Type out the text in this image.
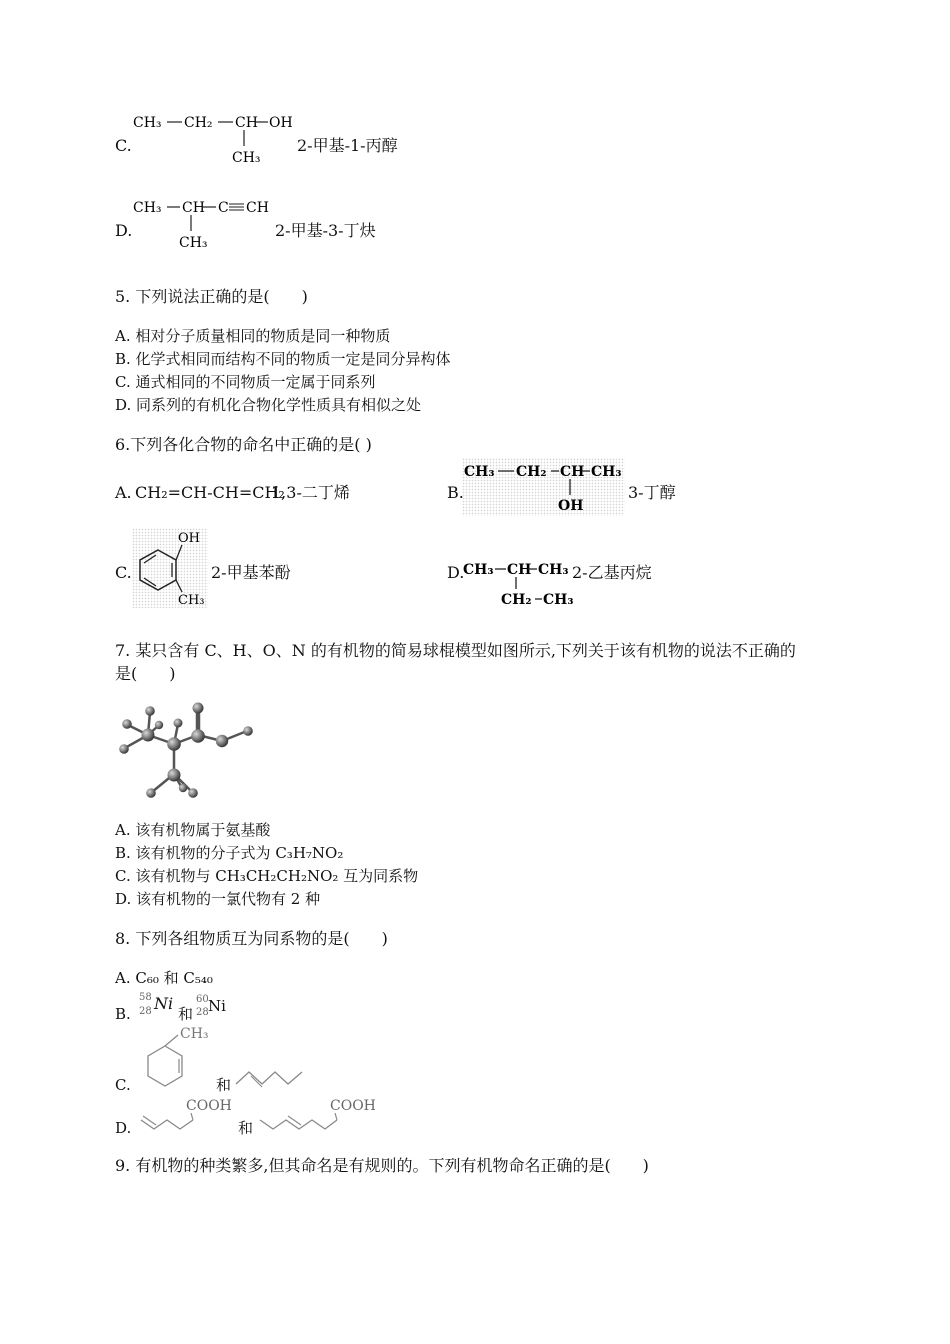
C.
CH₃ CH₂ CH OH
CH₃
2-甲基-1-丙醇
D.
CH₃ CH C CH
CH₃
2-甲基-3-丁炔
5. 下列说法正确的是(　　)
A. 相对分子质量相同的物质是同一种物质
B. 化学式相同而结构不同的物质一定是同分异构体
C. 通式相同的不同物质一定属于同系列
D. 同系列的有机化合物化学性质具有相似之处
6.下列各化合物的命名中正确的是( )
A. CH₂=CH-CH=CH₂
1,3-二丁烯	B.
CH₃ CH₂ CH CH₃
OH
3-丁醇
C.
OH
CH₃
2-甲基苯酚	D.
CH₃ CH CH₃
CH₂ CH₃
2-乙基丙烷
7. 某只含有 C、H、O、N 的有机物的简易球棍模型如图所示,下列关于该有机物的说法不正确的
是(　　)
A. 该有机物属于氨基酸
B. 该有机物的分子式为 C₃H₇NO₂
C. 该有机物与 CH₃CH₂CH₂NO₂ 互为同系物
D. 该有机物的一氯代物有 2 种
8. 下列各组物质互为同系物的是(　　)
A. C₆₀ 和 C₅₄₀
B.
58
28 Ni
和
60
28 Ni
C.
CH₃
和
D.
COOH
和
COOH
9. 有机物的种类繁多,但其命名是有规则的。下列有机物命名正确的是(　　)
